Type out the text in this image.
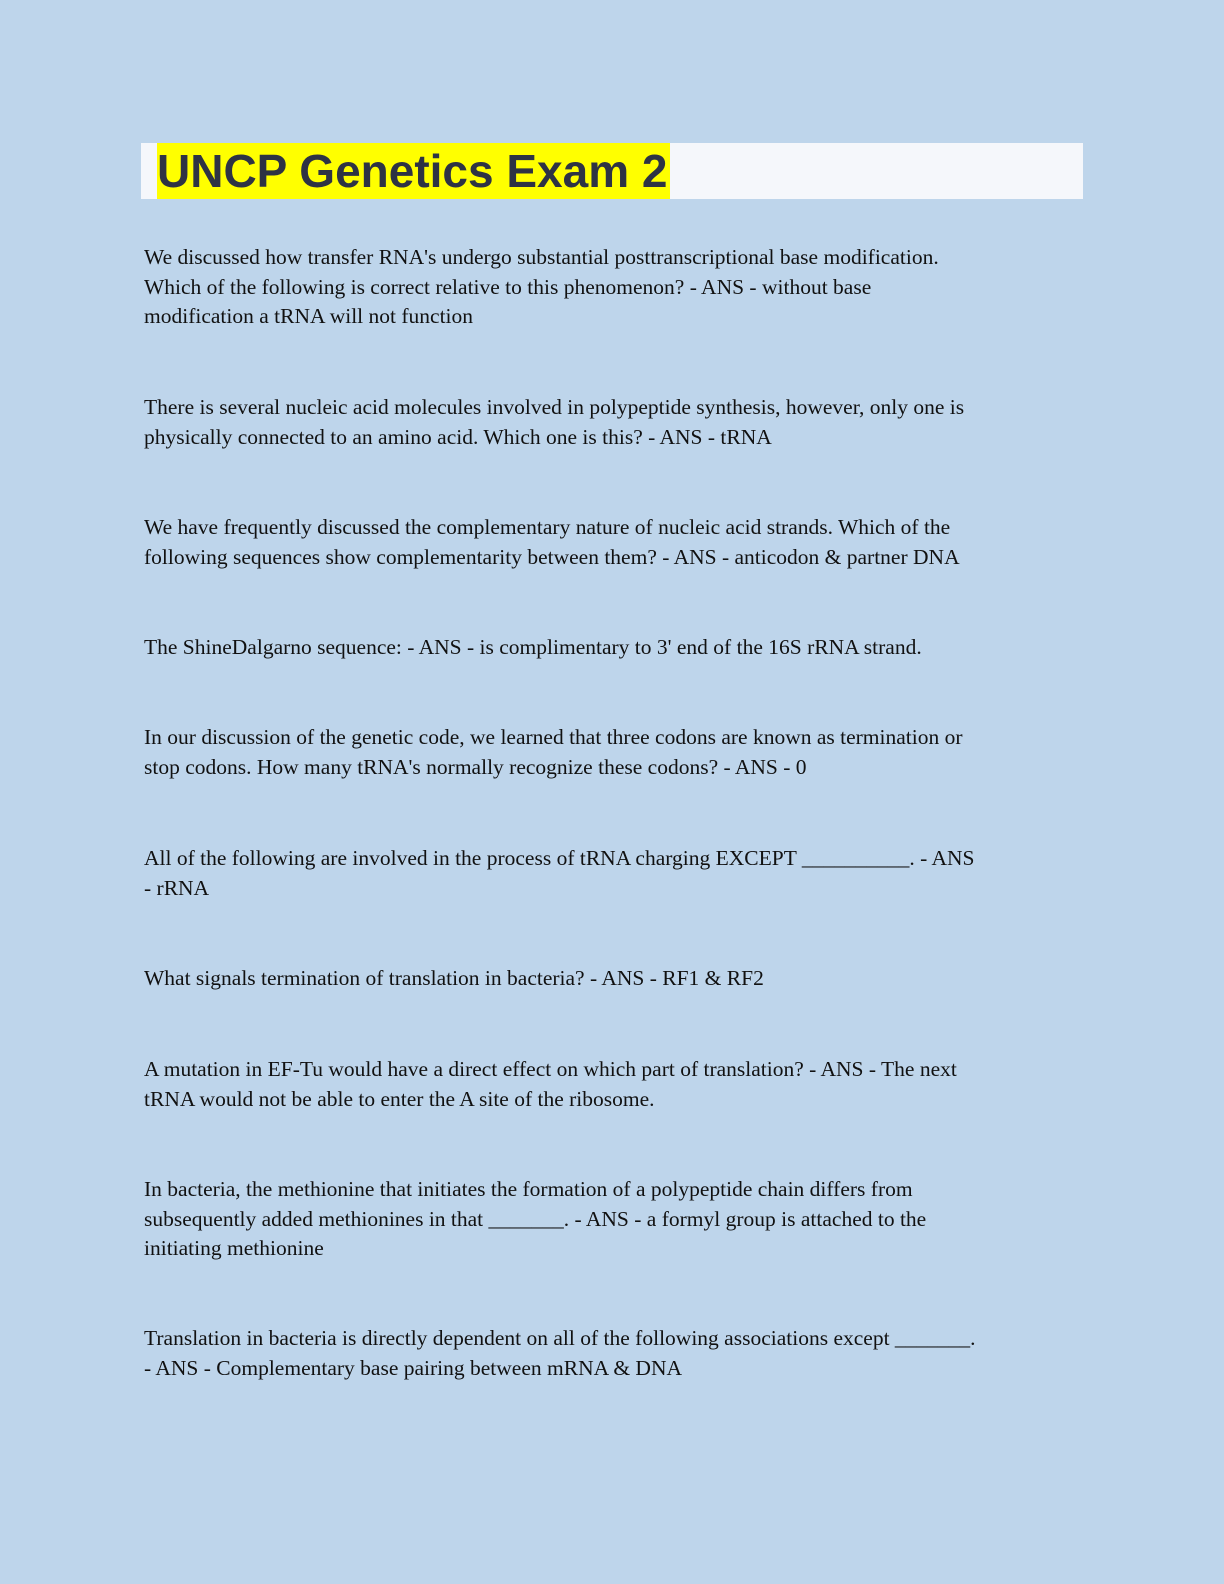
UNCP Genetics Exam 2
We discussed how transfer RNA's undergo substantial posttranscriptional base modification.
Which of the following is correct relative to this phenomenon? - ANS - without base
modification a tRNA will not function
There is several nucleic acid molecules involved in polypeptide synthesis, however, only one is
physically connected to an amino acid. Which one is this? - ANS - tRNA
We have frequently discussed the complementary nature of nucleic acid strands. Which of the
following sequences show complementarity between them? - ANS - anticodon & partner DNA
The ShineDalgarno sequence: - ANS - is complimentary to 3' end of the 16S rRNA strand.
In our discussion of the genetic code, we learned that three codons are known as termination or
stop codons. How many tRNA's normally recognize these codons? - ANS - 0
All of the following are involved in the process of tRNA charging EXCEPT __________. - ANS
- rRNA
What signals termination of translation in bacteria? - ANS - RF1 & RF2
A mutation in EF-Tu would have a direct effect on which part of translation? - ANS - The next
tRNA would not be able to enter the A site of the ribosome.
In bacteria, the methionine that initiates the formation of a polypeptide chain differs from
subsequently added methionines in that _______. - ANS - a formyl group is attached to the
initiating methionine
Translation in bacteria is directly dependent on all of the following associations except _______.
- ANS - Complementary base pairing between mRNA & DNA
